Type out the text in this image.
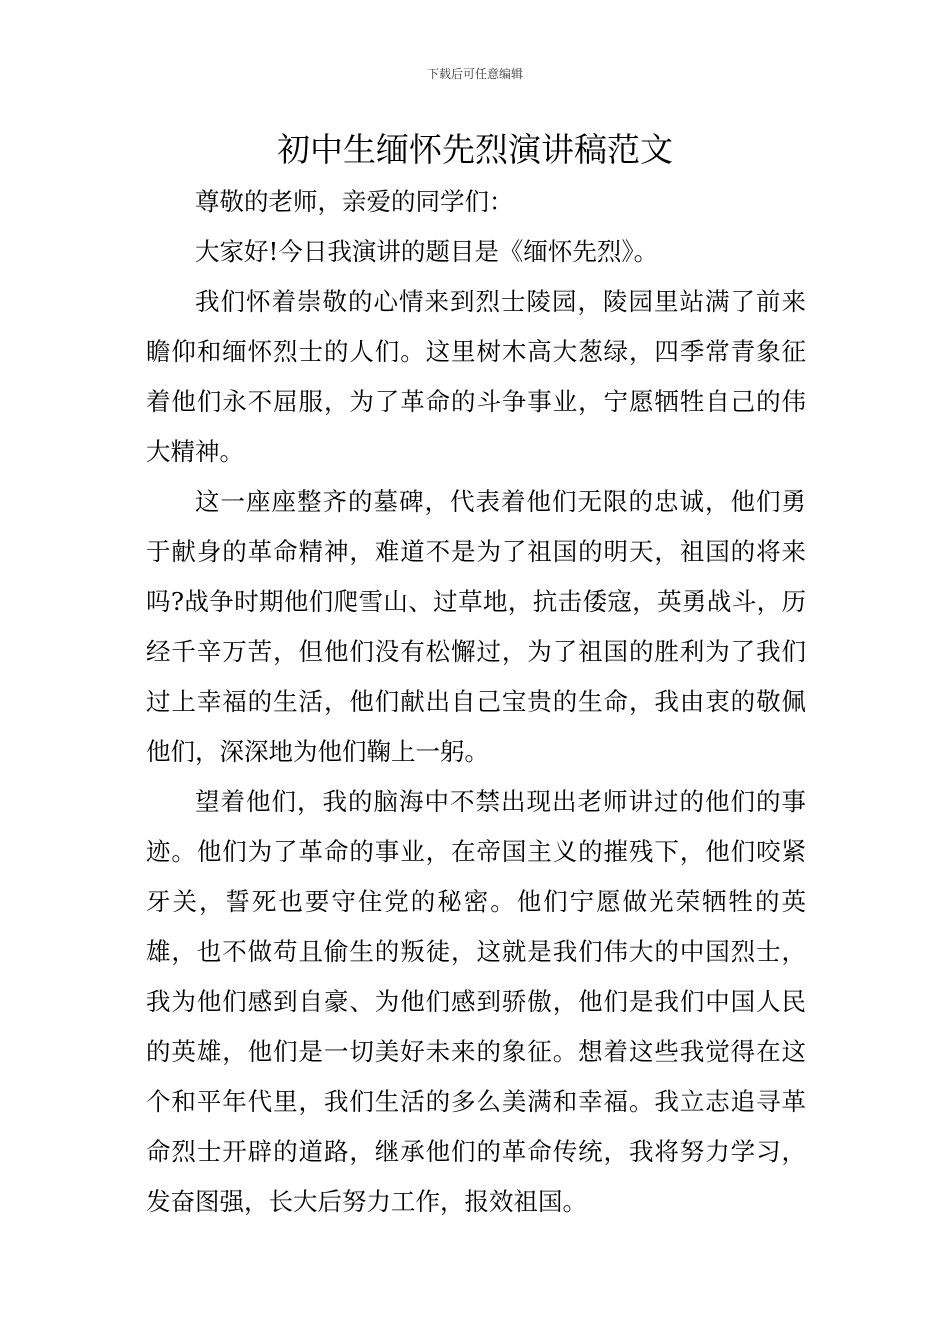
下载后可任意编辑
初中生缅怀先烈演讲稿范文

尊敬的老师，亲爱的同学们：

大家好!今日我演讲的题目是《缅怀先烈》。

我们怀着崇敬的心情来到烈士陵园，陵园里站满了前来瞻仰和缅怀烈士的人们。这里树木高大葱绿，四季常青象征着他们永不屈服，为了革命的斗争事业，宁愿牺牲自己的伟大精神。

这一座座整齐的墓碑，代表着他们无限的忠诚，他们勇于献身的革命精神，难道不是为了祖国的明天，祖国的将来吗?战争时期他们爬雪山、过草地，抗击倭寇，英勇战斗，历经千辛万苦，但他们没有松懈过，为了祖国的胜利为了我们过上幸福的生活，他们献出自己宝贵的生命，我由衷的敬佩他们，深深地为他们鞠上一躬。

望着他们，我的脑海中不禁出现出老师讲过的他们的事迹。他们为了革命的事业，在帝国主义的摧残下，他们咬紧牙关，誓死也要守住党的秘密。他们宁愿做光荣牺牲的英雄，也不做苟且偷生的叛徒，这就是我们伟大的中国烈士，我为他们感到自豪、为他们感到骄傲，他们是我们中国人民的英雄，他们是一切美好未来的象征。想着这些我觉得在这个和平年代里，我们生活的多么美满和幸福。我立志追寻革命烈士开辟的道路，继承他们的革命传统，我将努力学习，发奋图强，长大后努力工作，报效祖国。
